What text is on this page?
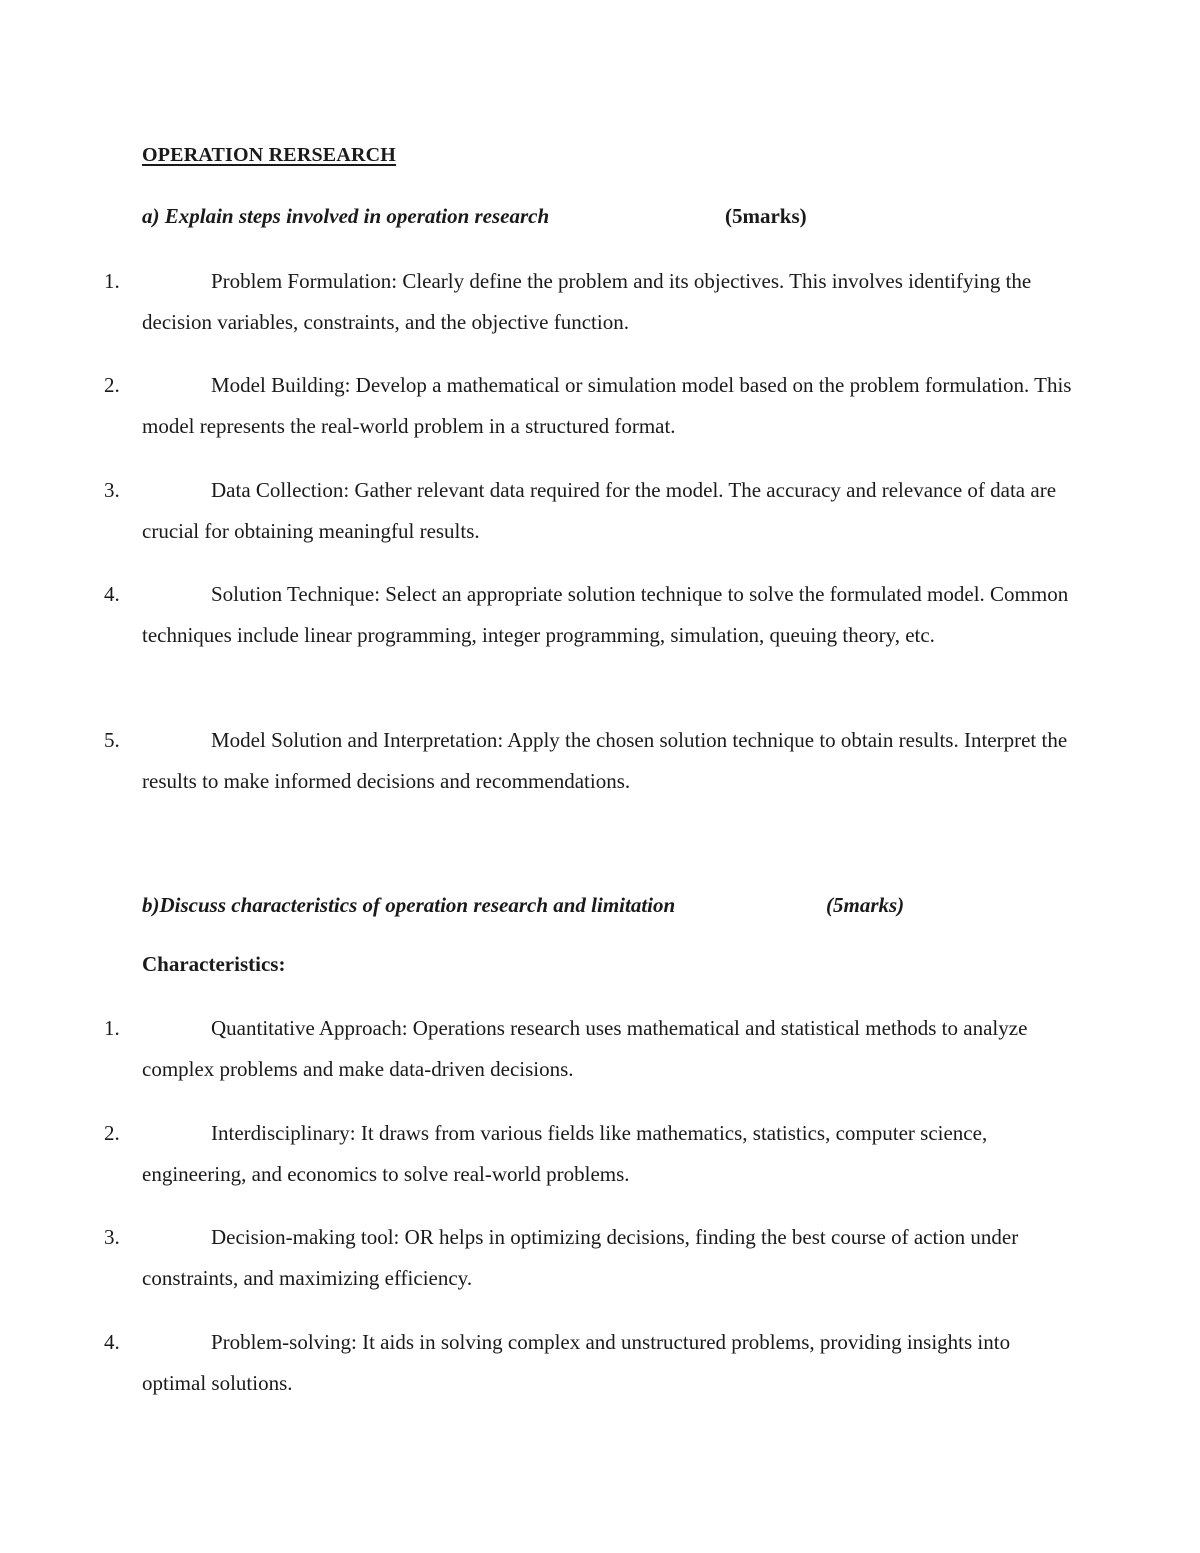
OPERATION RERSEARCH
a) Explain steps involved in operation research	(5marks)
1.	Problem Formulation: Clearly define the problem and its objectives. This involves identifying the decision variables, constraints, and the objective function.
2.	Model Building: Develop a mathematical or simulation model based on the problem formulation. This model represents the real-world problem in a structured format.
3.	Data Collection: Gather relevant data required for the model. The accuracy and relevance of data are crucial for obtaining meaningful results.
4.	Solution Technique: Select an appropriate solution technique to solve the formulated model. Common techniques include linear programming, integer programming, simulation, queuing theory, etc.
5.	Model Solution and Interpretation: Apply the chosen solution technique to obtain results. Interpret the results to make informed decisions and recommendations.
b)Discuss characteristics of operation research and limitation	(5marks)
Characteristics:
1.	Quantitative Approach: Operations research uses mathematical and statistical methods to analyze complex problems and make data-driven decisions.
2.	Interdisciplinary: It draws from various fields like mathematics, statistics, computer science, engineering, and economics to solve real-world problems.
3.	Decision-making tool: OR helps in optimizing decisions, finding the best course of action under constraints, and maximizing efficiency.
4.	Problem-solving: It aids in solving complex and unstructured problems, providing insights into optimal solutions.
